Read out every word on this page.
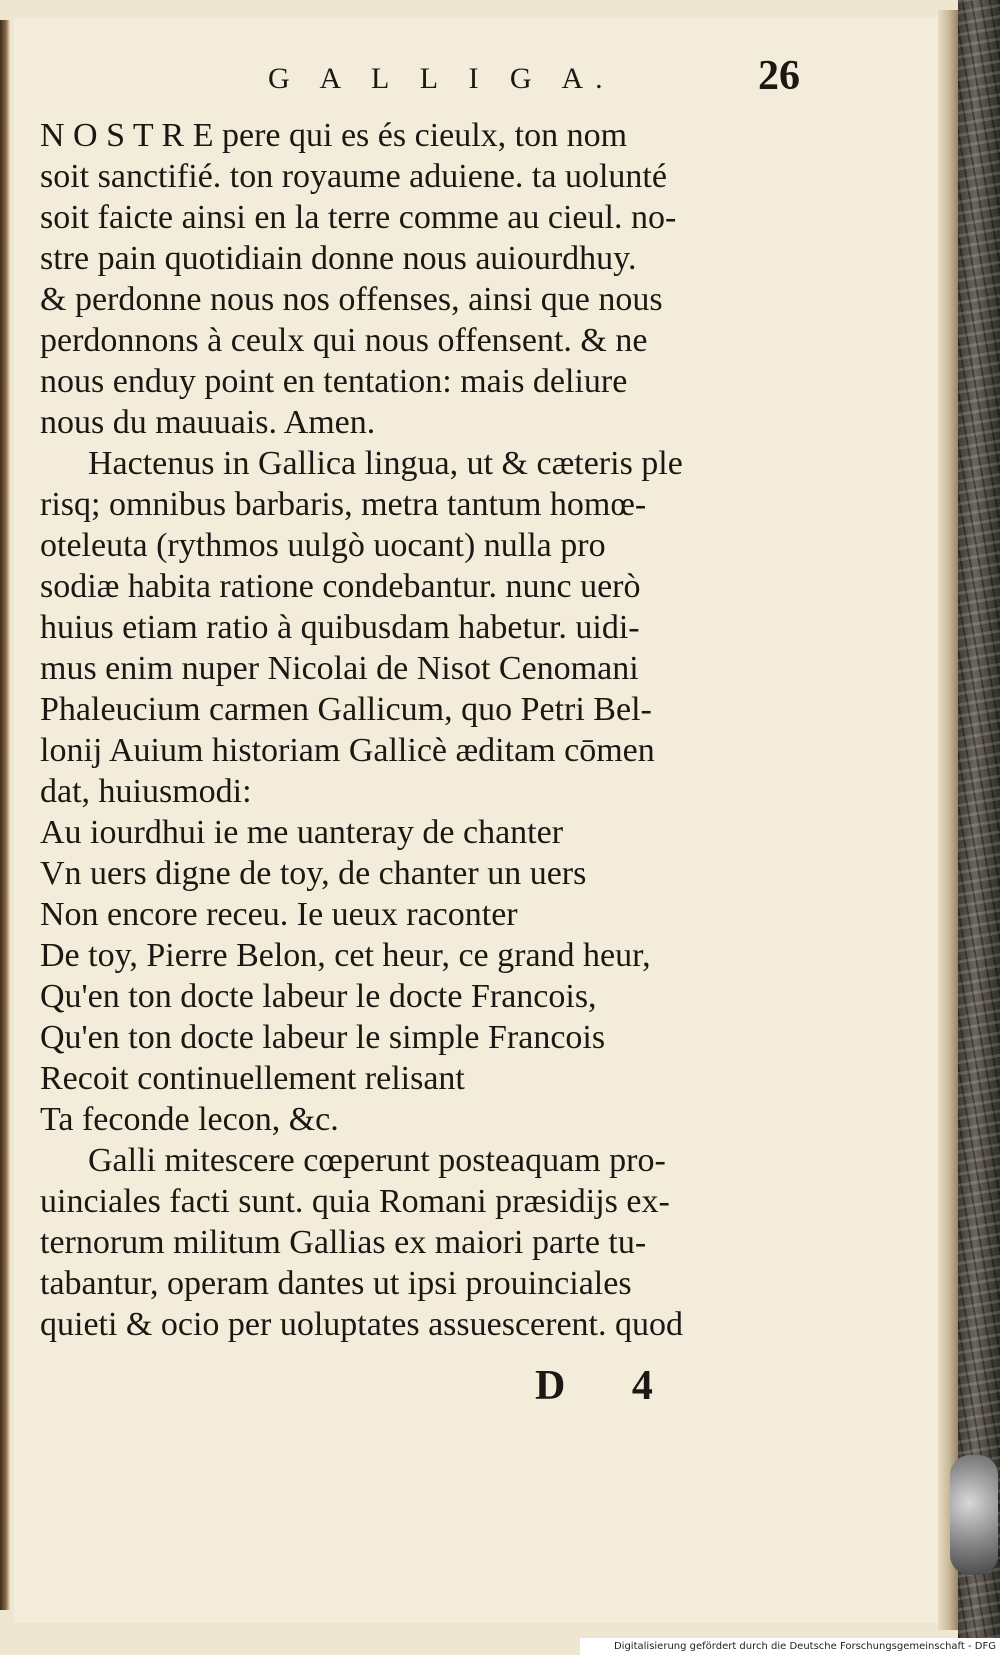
G A L L I G A.	26
N O S T R E pere qui es és cieulx, ton nom
soit sanctifié. ton royaume aduiene. ta uolunté
soit faicte ainsi en la terre comme au cieul. no-
stre pain quotidiain donne nous auiourdhuy.
& perdonne nous nos offenses, ainsi que nous
perdonnons à ceulx qui nous offensent. & ne
nous enduy point en tentation: mais deliure
nous du mauuais. Amen.
Hactenus in Gallica lingua, ut & cæteris ple
risq; omnibus barbaris, metra tantum homœ-
oteleuta (rythmos uulgò uocant) nulla pro
sodiæ habita ratione condebantur. nunc uerò
huius etiam ratio à quibusdam habetur. uidi-
mus enim nuper Nicolai de Nisot Cenomani
Phaleucium carmen Gallicum, quo Petri Bel-
lonij Auium historiam Gallicè æditam cōmen
dat, huiusmodi:
Au iourdhui ie me uanteray de chanter
Vn uers digne de toy, de chanter un uers
Non encore receu. Ie ueux raconter
De toy, Pierre Belon, cet heur, ce grand heur,
Qu'en ton docte labeur le docte Francois,
Qu'en ton docte labeur le simple Francois
Recoit continuellement relisant
Ta feconde lecon, &c.
Galli mitescere cœperunt posteaquam pro-
uinciales facti sunt. quia Romani præsidijs ex-
ternorum militum Gallias ex maiori parte tu-
tabantur, operam dantes ut ipsi prouinciales
quieti & ocio per uoluptates assuescerent. quod
D 4
Digitalisierung gefördert durch die Deutsche Forschungsgemeinschaft - DFG
